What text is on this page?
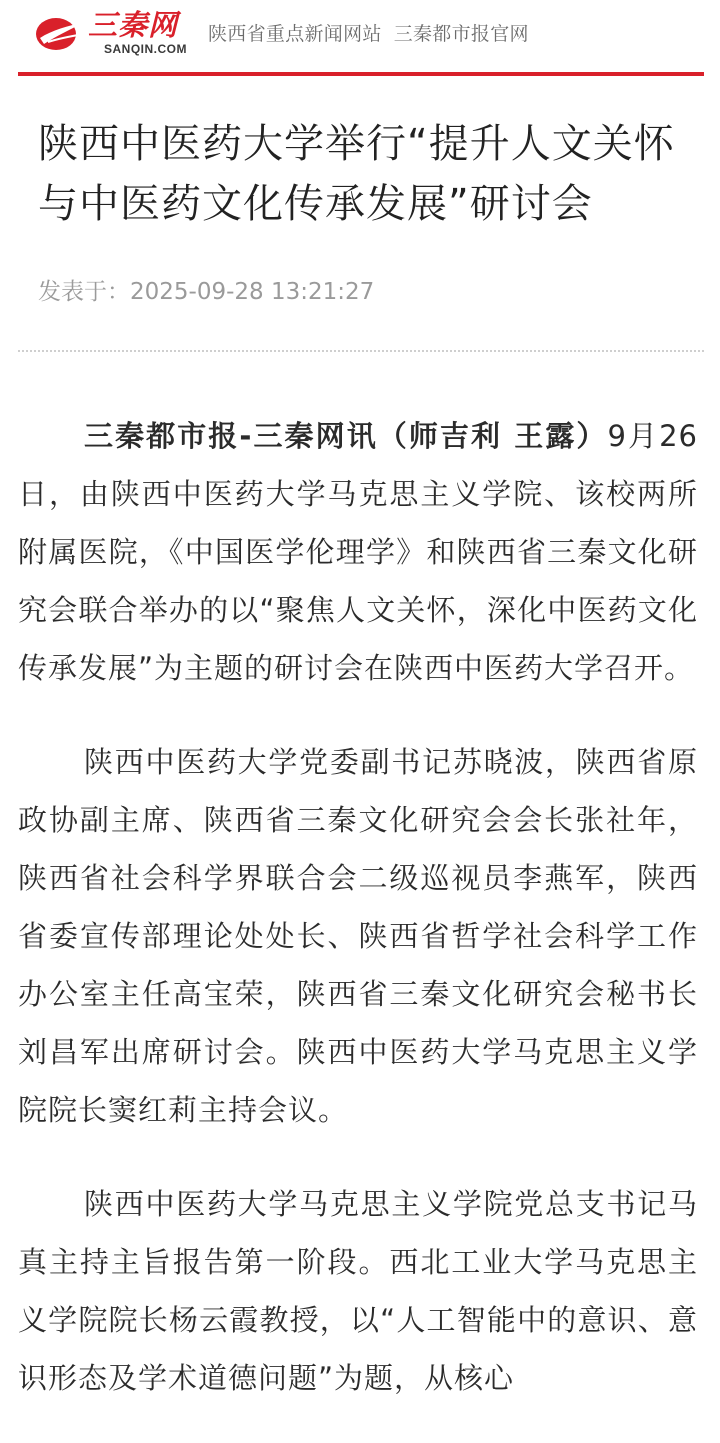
三秦网
SANQIN.COM
陕西省重点新闻网站 三秦都市报官网
陕西中医药大学举行“提升人文关怀与中医药文化传承发展”研讨会
发表于：2025-09-28 13:21:27

三秦都市报-三秦网讯（师吉利 王露）9月26日，由陕西中医药大学马克思主义学院、该校两所附属医院，《中国医学伦理学》和陕西省三秦文化研究会联合举办的以“聚焦人文关怀，深化中医药文化传承发展”为主题的研讨会在陕西中医药大学召开。

陕西中医药大学党委副书记苏晓波，陕西省原政协副主席、陕西省三秦文化研究会会长张社年，陕西省社会科学界联合会二级巡视员李燕军，陕西省委宣传部理论处处长、陕西省哲学社会科学工作办公室主任高宝荣，陕西省三秦文化研究会秘书长刘昌军出席研讨会。陕西中医药大学马克思主义学院院长窦红莉主持会议。

陕西中医药大学马克思主义学院党总支书记马真主持主旨报告第一阶段。西北工业大学马克思主义学院院长杨云霞教授，以“人工智能中的意识、意识形态及学术道德问题”为题，从核心
